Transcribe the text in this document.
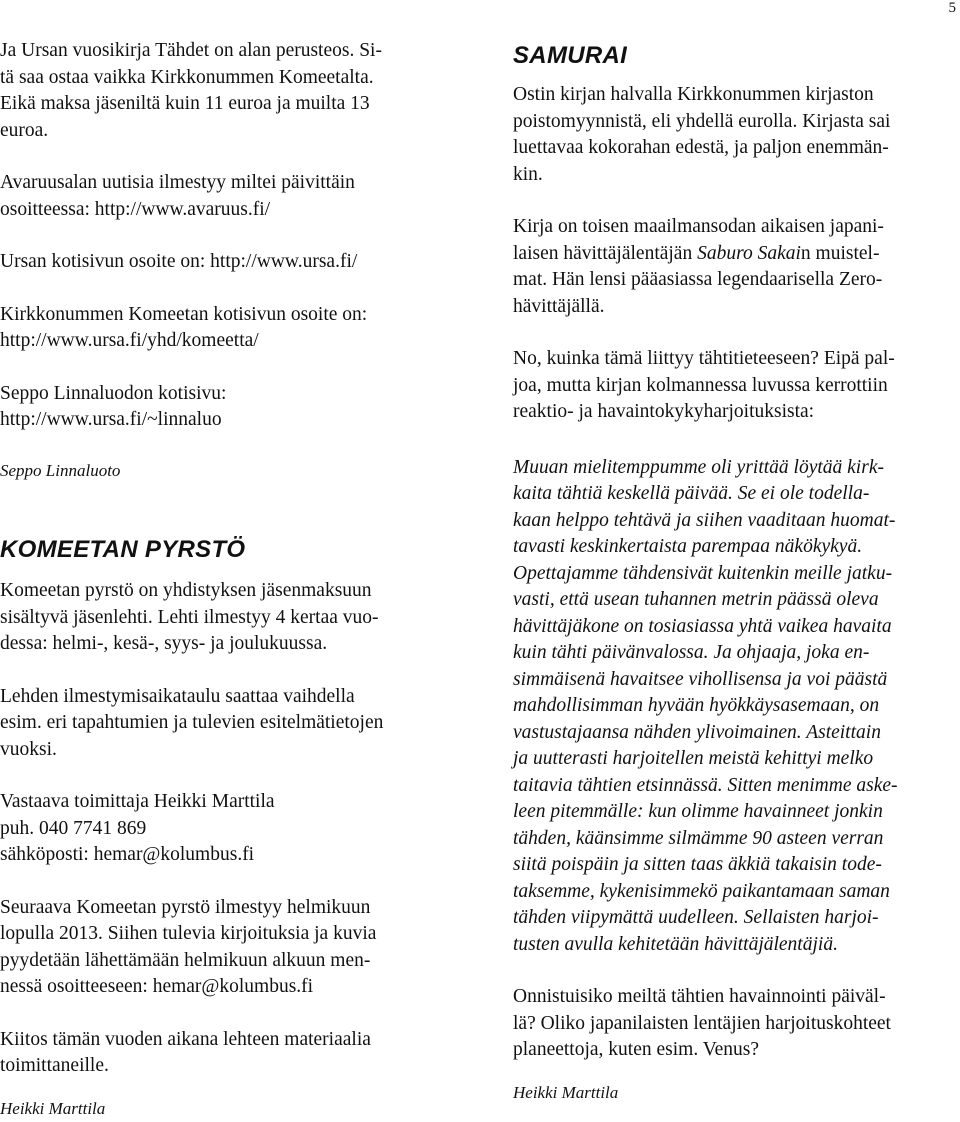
5

Ja Ursan vuosikirja Tähdet on alan perusteos. Si-

tä saa ostaa vaikka Kirkkonummen Komeetalta.

Eikä maksa jäseniltä kuin 11 euroa ja muilta 13

euroa.

Avaruusalan uutisia ilmestyy miltei päivittäin

osoitteessa: http://www.avaruus.fi/

Ursan kotisivun osoite on: http://www.ursa.fi/

Kirkkonummen Komeetan kotisivun osoite on:

http://www.ursa.fi/yhd/komeetta/

Seppo Linnaluodon kotisivu:

http://www.ursa.fi/~linnaluo

Seppo Linnaluoto

KOMEETAN PYRSTÖ

Komeetan pyrstö on yhdistyksen jäsenmaksuun

sisältyvä jäsenlehti. Lehti ilmestyy 4 kertaa vuo-

dessa: helmi-, kesä-, syys- ja joulukuussa.

Lehden ilmestymisaikataulu saattaa vaihdella

esim. eri tapahtumien ja tulevien esitelmätietojen

vuoksi.

Vastaava toimittaja Heikki Marttila

puh. 040 7741 869

sähköposti: hemar@kolumbus.fi

Seuraava Komeetan pyrstö ilmestyy helmikuun

lopulla 2013. Siihen tulevia kirjoituksia ja kuvia

pyydetään lähettämään helmikuun alkuun men-

nessä osoitteeseen: hemar@kolumbus.fi

Kiitos tämän vuoden aikana lehteen materiaalia

toimittaneille.

Heikki Marttila

SAMURAI

Ostin kirjan halvalla Kirkkonummen kirjaston

poistomyynnistä, eli yhdellä eurolla. Kirjasta sai

luettavaa kokorahan edestä, ja paljon enemmän-

kin.

Kirja on toisen maailmansodan aikaisen japani-

laisen hävittäjälentäjän Saburo Sakain muistel-

mat. Hän lensi pääasiassa legendaarisella Zero-

hävittäjällä.

No, kuinka tämä liittyy tähtitieteeseen? Eipä pal-

joa, mutta kirjan kolmannessa luvussa kerrottiin

reaktio- ja havaintokykyharjoituksista:

Muuan mielitemppumme oli yrittää löytää kirk-

kaita tähtiä keskellä päivää. Se ei ole todella-

kaan helppo tehtävä ja siihen vaaditaan huomat-

tavasti keskinkertaista parempaa näkökykyä.

Opettajamme tähdensivät kuitenkin meille jatku-

vasti, että usean tuhannen metrin päässä oleva

hävittäjäkone on tosiasiassa yhtä vaikea havaita

kuin tähti päivänvalossa. Ja ohjaaja, joka en-

simmäisenä havaitsee vihollisensa ja voi päästä

mahdollisimman hyvään hyökkäysasemaan, on

vastustajaansa nähden ylivoimainen. Asteittain

ja uutterasti harjoitellen meistä kehittyi melko

taitavia tähtien etsinnässä. Sitten menimme aske-

leen pitemmälle: kun olimme havainneet jonkin

tähden, käänsimme silmämme 90 asteen verran

siitä poispäin ja sitten taas äkkiä takaisin tode-

taksemme, kykenisimmekö paikantamaan saman

tähden viipymättä uudelleen. Sellaisten harjoi-

tusten avulla kehitetään hävittäjälentäjiä.

Onnistuisiko meiltä tähtien havainnointi päiväl-

lä? Oliko japanilaisten lentäjien harjoituskohteet

planeettoja, kuten esim. Venus?

Heikki Marttila
